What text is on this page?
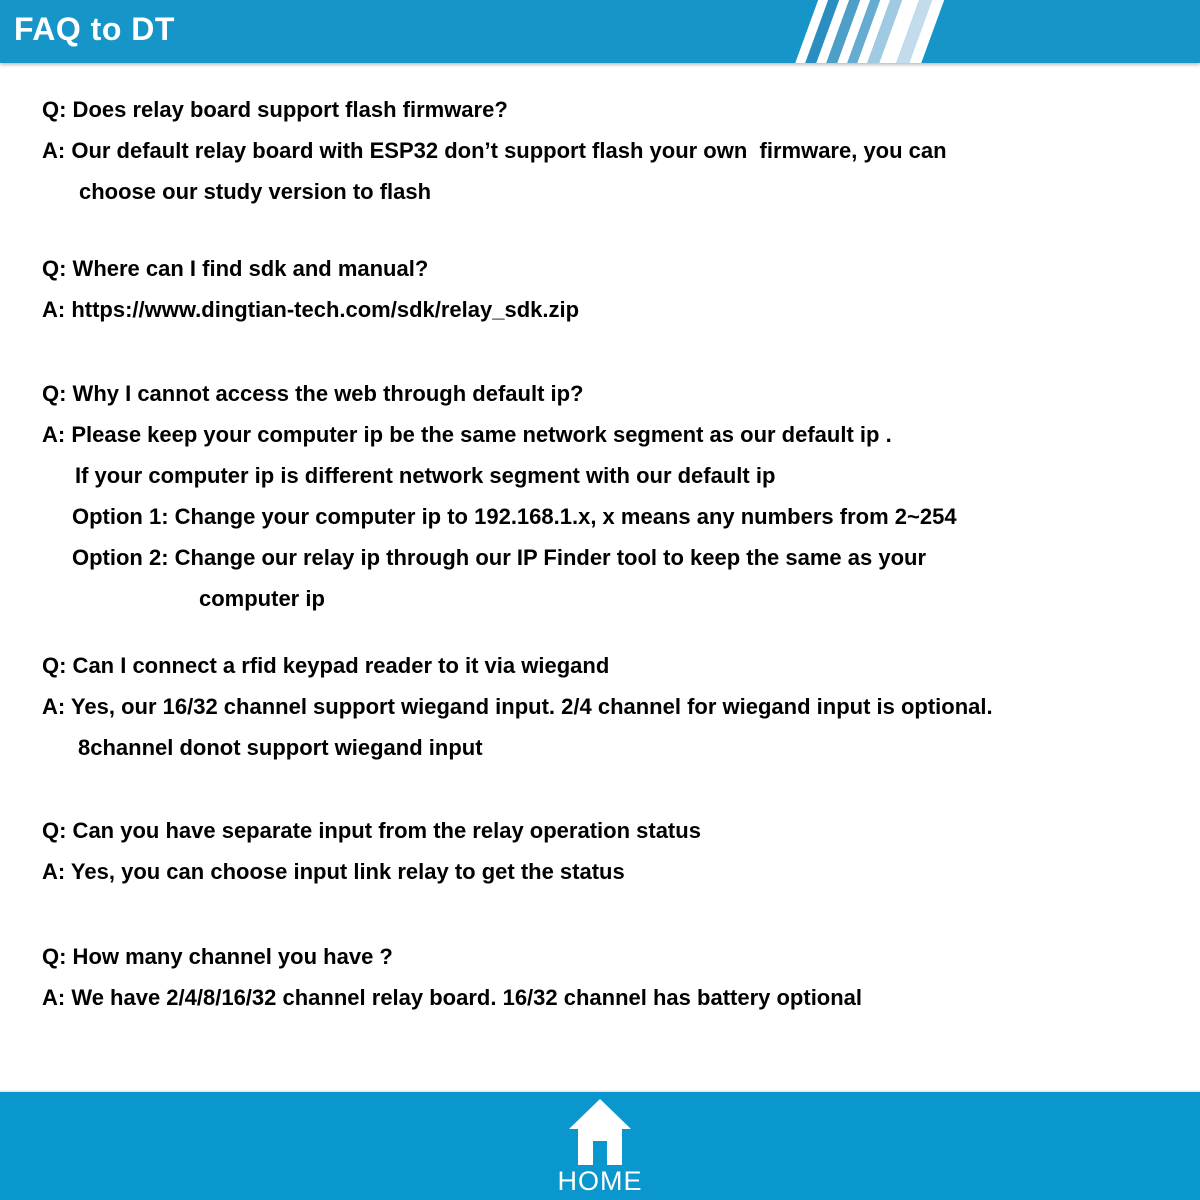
FAQ to DT
Q: Does relay board support flash firmware?
A: Our default relay board with ESP32 don’t support flash your own  firmware, you can
choose our study version to flash
Q: Where can I find sdk and manual?
A: https://www.dingtian-tech.com/sdk/relay_sdk.zip
Q: Why I cannot access the web through default ip?
A: Please keep your computer ip be the same network segment as our default ip .
If your computer ip is different network segment with our default ip
Option 1: Change your computer ip to 192.168.1.x, x means any numbers from 2~254
Option 2: Change our relay ip through our IP Finder tool to keep the same as your
computer ip
Q: Can I connect a rfid keypad reader to it via wiegand
A: Yes, our 16/32 channel support wiegand input. 2/4 channel for wiegand input is optional.
8channel donot support wiegand input
Q: Can you have separate input from the relay operation status
A: Yes, you can choose input link relay to get the status
Q: How many channel you have ?
A: We have 2/4/8/16/32 channel relay board. 16/32 channel has battery optional
HOME
